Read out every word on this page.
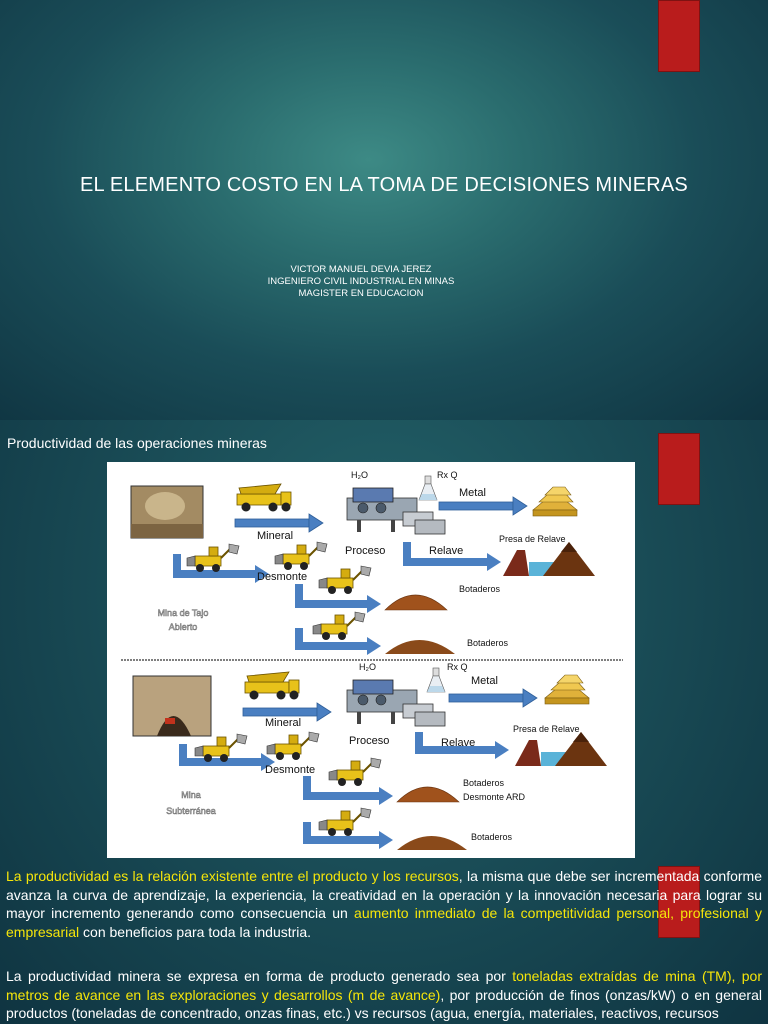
EL ELEMENTO COSTO EN LA TOMA DE DECISIONES MINERAS
VICTOR MANUEL DEVIA JEREZ
INGENIERO CIVIL INDUSTRIAL EN MINAS
MAGISTER EN EDUCACION
Productividad de las operaciones mineras
Mineral
H₂O	Rx Q
Proceso
Metal
Relave
Presa de Relave
Desmonte
Botaderos
Botaderos
Mina de Tajo
Abierto
Mineral
H₂O	Rx Q
Proceso
Metal
Relave
Presa de Relave
Desmonte
Botaderos
Desmonte ARD
Botaderos
Mina
Subterránea
La productividad es la relación existente entre el producto y los recursos, la misma que debe ser incrementada conforme avanza la curva de aprendizaje, la experiencia, la creatividad en la operación y la innovación necesaria para lograr su mayor incremento generando como consecuencia un aumento inmediato de la competitividad personal, profesional y empresarial con beneficios para toda la industria.
La productividad minera se expresa en forma de producto generado sea por toneladas extraídas de mina (TM), por metros de avance en las exploraciones y desarrollos (m de avance), por producción de finos (onzas/kW) o en general productos (toneladas de concentrado, onzas finas, etc.) vs recursos (agua, energía, materiales, reactivos, recursos
